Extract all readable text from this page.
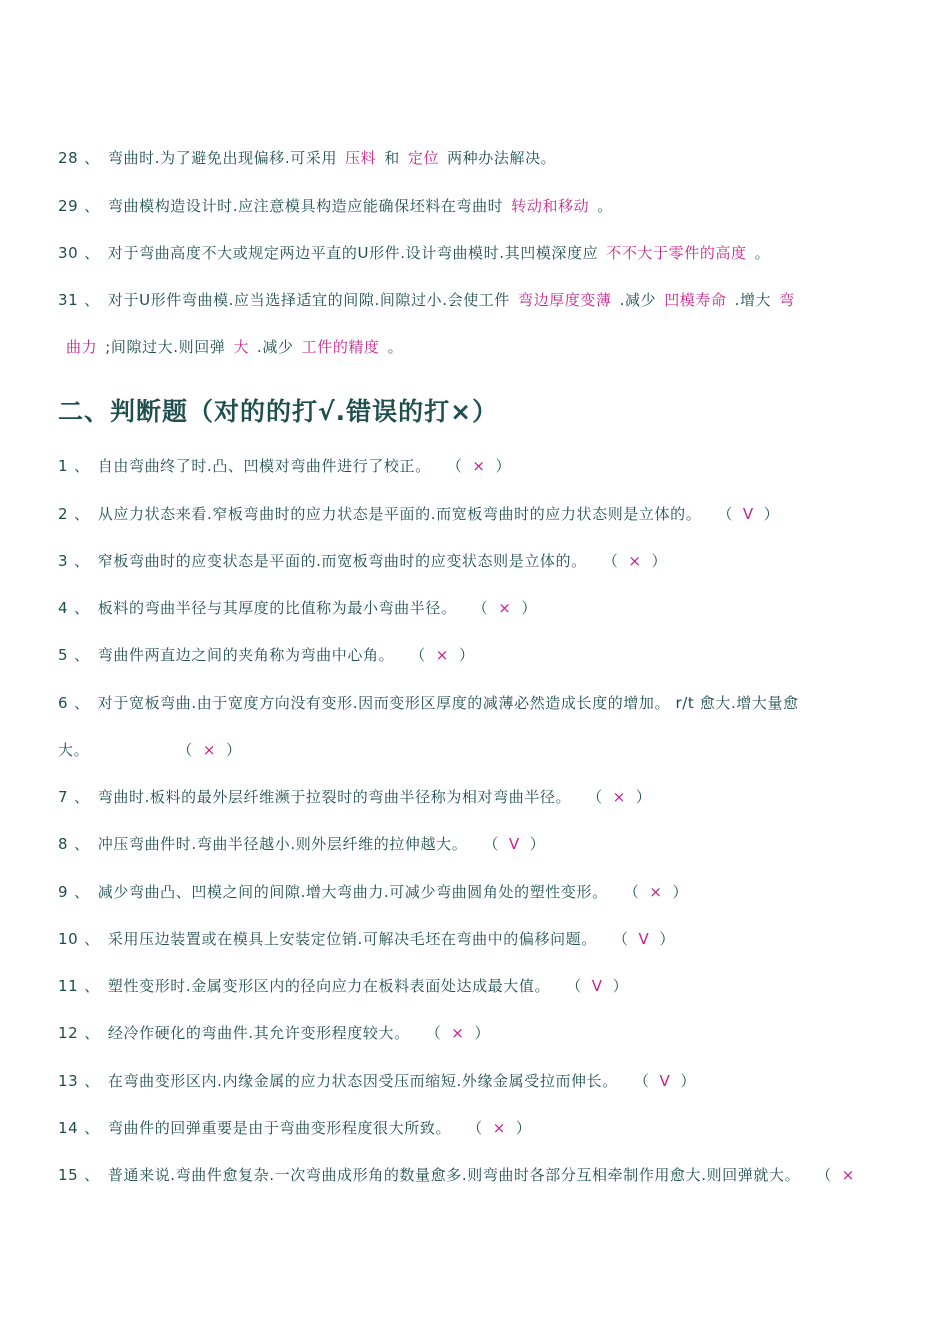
28 、 弯曲时.为了避免出现偏移.可采用 压料 和 定位 两种办法解决。
29 、 弯曲模构造设计时.应注意模具构造应能确保坯料在弯曲时 转动和移动 。
30 、 对于弯曲高度不大或规定两边平直的U形件.设计弯曲模时.其凹模深度应 不不大于零件的高度 。
31 、 对于U形件弯曲模.应当选择适宜的间隙.间隙过小.会使工件 弯边厚度变薄 .减少 凹模寿命 .增大 弯
曲力 ;间隙过大.则回弹 大 .减少 工件的精度 。
二、判断题（对的的打√.错误的打×）
1 、 自由弯曲终了时.凸、凹模对弯曲件进行了校正。 （ × ）
2 、 从应力状态来看.窄板弯曲时的应力状态是平面的.而宽板弯曲时的应力状态则是立体的。 （ V ）
3 、 窄板弯曲时的应变状态是平面的.而宽板弯曲时的应变状态则是立体的。 （ × ）
4 、 板料的弯曲半径与其厚度的比值称为最小弯曲半径。 （ × ）
5 、 弯曲件两直边之间的夹角称为弯曲中心角。 （ × ）
6 、 对于宽板弯曲.由于宽度方向没有变形.因而变形区厚度的减薄必然造成长度的增加。 r/t 愈大.增大量愈
大。	（ × ）
7 、 弯曲时.板料的最外层纤维濒于拉裂时的弯曲半径称为相对弯曲半径。 （ × ）
8 、 冲压弯曲件时.弯曲半径越小.则外层纤维的拉伸越大。 （ V ）
9 、 减少弯曲凸、凹模之间的间隙.增大弯曲力.可减少弯曲圆角处的塑性变形。 （ × ）
10 、 采用压边装置或在模具上安装定位销.可解决毛坯在弯曲中的偏移问题。 （ V ）
11 、 塑性变形时.金属变形区内的径向应力在板料表面处达成最大值。 （ V ）
12 、 经冷作硬化的弯曲件.其允许变形程度较大。 （ × ）
13 、 在弯曲变形区内.内缘金属的应力状态因受压而缩短.外缘金属受拉而伸长。 （ V ）
14 、 弯曲件的回弹重要是由于弯曲变形程度很大所致。 （ × ）
15 、 普通来说.弯曲件愈复杂.一次弯曲成形角的数量愈多.则弯曲时各部分互相牵制作用愈大.则回弹就大。 （ ×
